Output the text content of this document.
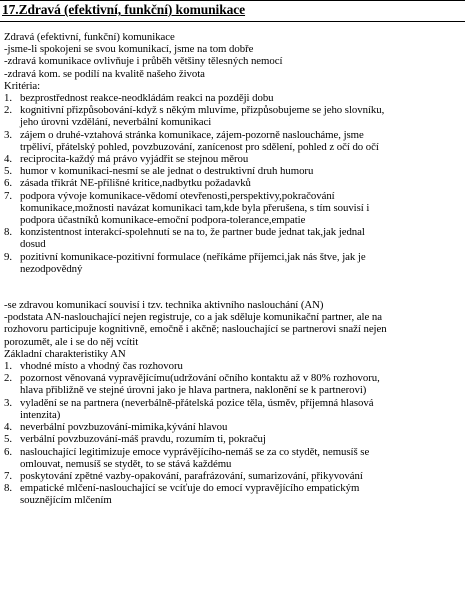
17.Zdravá (efektivní, funkční) komunikace
Zdravá (efektivní, funkční) komunikace
-jsme-li spokojeni se svou komunikací, jsme na tom dobře
-zdravá komunikace ovlivňuje i průběh většiny tělesných nemocí
-zdravá kom. se podílí na kvalitě našeho života
Kritéria:
1. bezprostřednost reakce-neodkládám reakci na později dobu
2. kognitivní přizpůsobování-když s někým mluvíme, přizpůsobujeme se jeho slovníku,
jeho úrovni vzdělání, neverbální komunikaci
3. zájem o druhé-vztahová stránka komunikace, zájem-pozorně nasloucháme, jsme
trpěliví, přátelský pohled, povzbuzování, zanícenost pro sdělení, pohled z očí do očí
4. reciprocita-každý má právo vyjádřit se stejnou měrou
5. humor v komunikaci-nesmí se ale jednat o destruktivní druh humoru
6. zásada třikrát NE-přílišné kritice,nadbytku požadavků
7. podpora vývoje komunikace-vědomí otevřenosti,perspektivy,pokračování
komunikace,možnosti navázat komunikaci tam,kde byla přerušena, s tím souvisí i
podpora účastníků komunikace-emoční podpora-tolerance,empatie
8. konzistentnost interakcí-spolehnutí se na to, že partner bude jednat tak,jak jednal
dosud
9. pozitivní komunikace-pozitivní formulace (neříkáme příjemci,jak nás štve, jak je
nezodpovědný
-se zdravou komunikací souvisí i tzv. technika aktivního naslouchání (AN)
-podstata AN-naslouchající nejen registruje, co a jak sděluje komunikační partner, ale na
rozhovoru participuje kognitivně, emočně i akčně; naslouchající se partnerovi snaží nejen
porozumět, ale i se do něj vcítit
Základní charakteristiky AN
1. vhodné místo a vhodný čas rozhovoru
2. pozornost věnovaná vypravějícímu(udržování očního kontaktu až v 80% rozhovoru,
hlava přibližně ve stejné úrovni jako je hlava partnera, naklonění se k partnerovi)
3. vyladění se na partnera (neverbálně-přátelská pozice těla, úsměv, příjemná hlasová
intenzita)
4. neverbální povzbuzování-mimika,kývání hlavou
5. verbální povzbuzování-máš pravdu, rozumím ti, pokračuj
6. naslouchající legitimizuje emoce vyprávějícího-nemáš se za co stydět, nemusíš se
omlouvat, nemusíš se stydět, to se stává každému
7. poskytování zpětné vazby-opakování, parafrázování, sumarizování, přikyvování
8. empatické mlčení-naslouchající se vcíťuje do emocí vypravějícího empatickým
souznějícím mlčením
